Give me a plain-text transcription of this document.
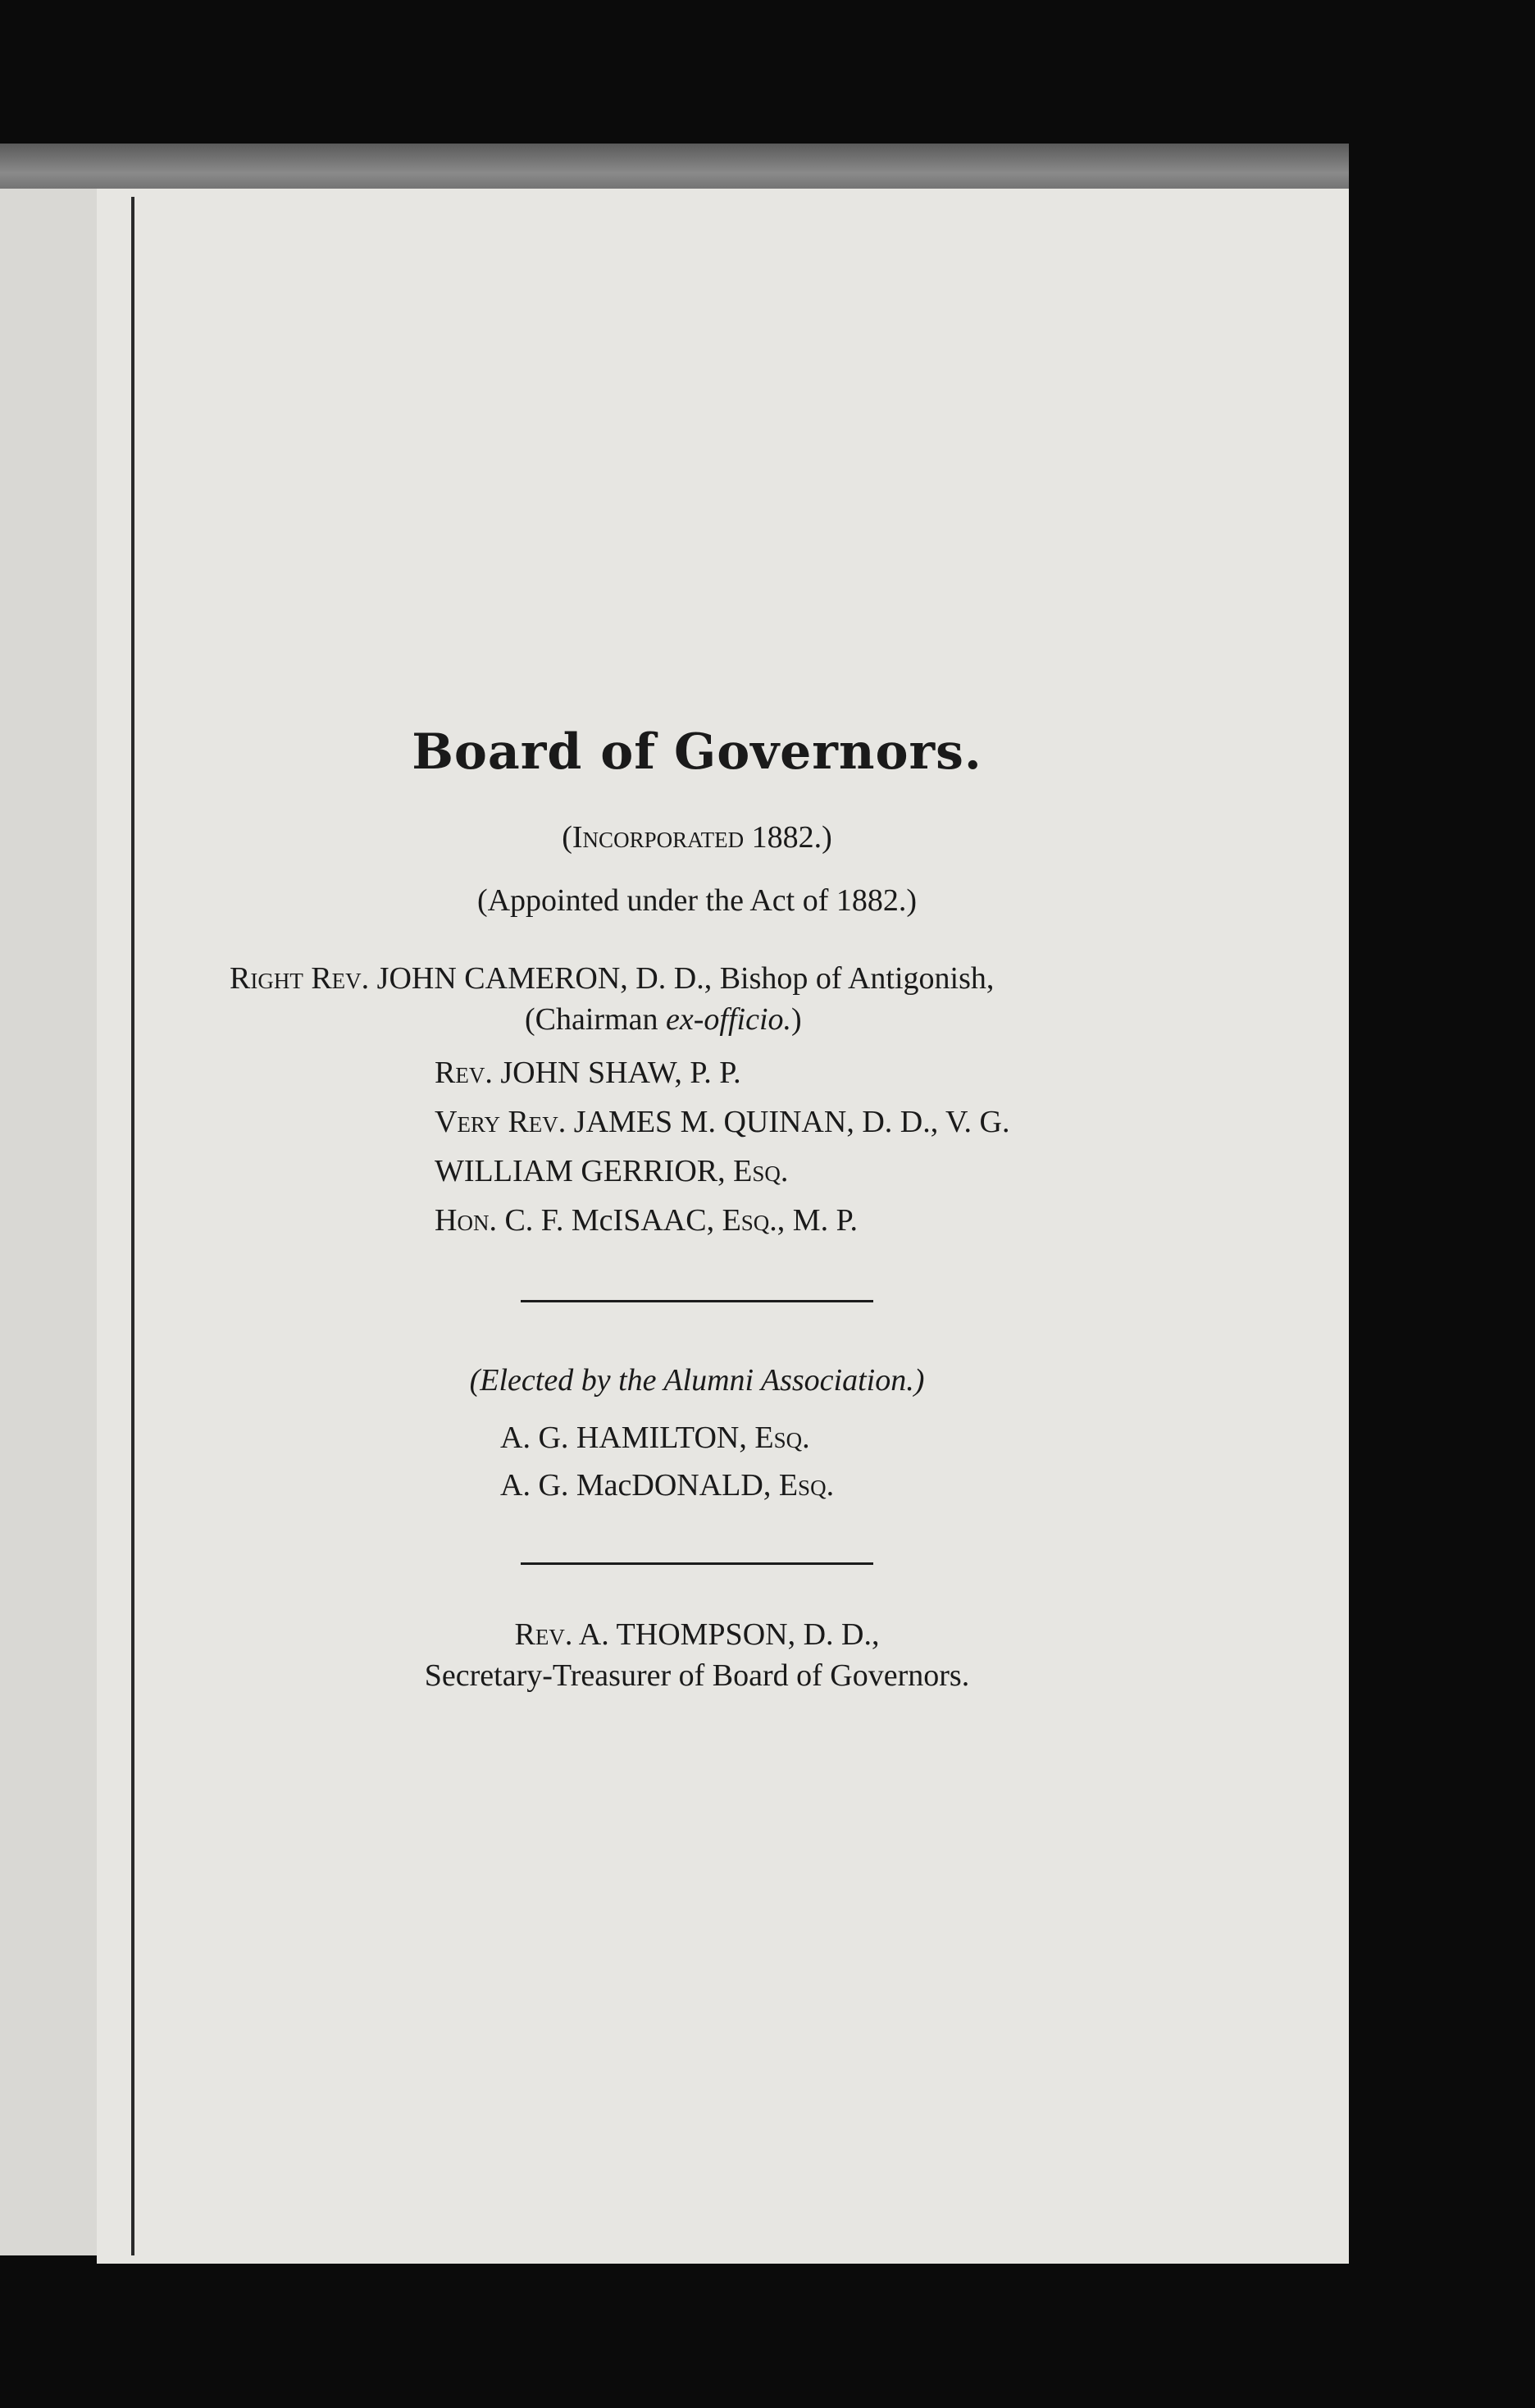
Board of Governors.
(Incorporated 1882.)
(Appointed under the Act of 1882.)
Right Rev. JOHN CAMERON, D. D., Bishop of Antigonish,
(Chairman ex-officio.)
Rev. JOHN SHAW, P. P.
Very Rev. JAMES M. QUINAN, D. D., V. G.
WILLIAM GERRIOR, Esq.
Hon. C. F. McISAAC, Esq., M. P.
(Elected by the Alumni Association.)
A. G. HAMILTON, Esq.
A. G. MacDONALD, Esq.
Rev. A. THOMPSON, D. D.,
Secretary-Treasurer of Board of Governors.
